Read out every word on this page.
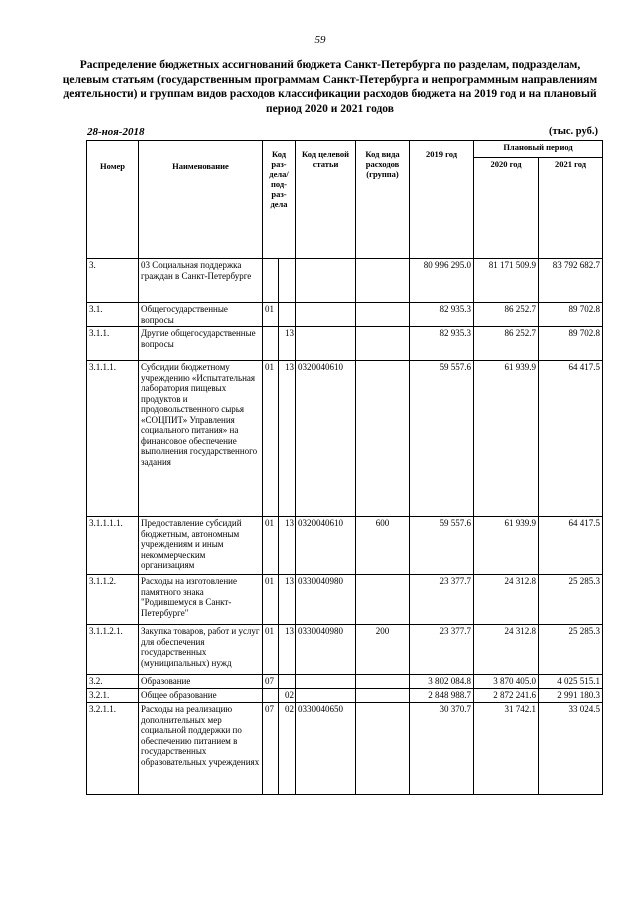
59
Распределение бюджетных ассигнований бюджета Санкт-Петербурга по разделам, подразделам, целевым статьям (государственным программам Санкт-Петербурга и непрограммным направлениям деятельности) и группам видов расходов классификации расходов бюджета на 2019 год и на плановый период 2020 и 2021 годов
28-ноя-2018	(тыс. руб.)
Номер	Наименование	Код раз- дела/ под- раз- дела		Код целевой статьи	Код вида расходов (группа)	2019 год	Плановый период	
							2020 год	2021 год
3.	03 Социальная поддержка граждан в Санкт-Петербурге					80 996 295.0	81 171 509.9	83 792 682.7
3.1.	Общегосударственные вопросы	01				82 935.3	86 252.7	89 702.8
3.1.1.	Другие общегосударственные вопросы		13			82 935.3	86 252.7	89 702.8
3.1.1.1.	Субсидии бюджетному учреждению «Испытательная лаборатория пищевых продуктов и продовольственного сырья «СОЦПИТ» Управления социального питания» на финансовое обеспечение выполнения государственного задания	01	13	0320040610		59 557.6	61 939.9	64 417.5
3.1.1.1.1.	Предоставление субсидий бюджетным, автономным учреждениям и иным некоммерческим организациям	01	13	0320040610	600	59 557.6	61 939.9	64 417.5
3.1.1.2.	Расходы на изготовление памятного знака "Родившемуся в Санкт-Петербурге"	01	13	0330040980		23 377.7	24 312.8	25 285.3
3.1.1.2.1.	Закупка товаров, работ и услуг для обеспечения государственных (муниципальных) нужд	01	13	0330040980	200	23 377.7	24 312.8	25 285.3
3.2.	Образование	07				3 802 084.8	3 870 405.0	4 025 515.1
3.2.1.	Общее образование		02			2 848 988.7	2 872 241.6	2 991 180.3
3.2.1.1.	Расходы на реализацию дополнительных мер социальной поддержки по обеспечению питанием в государственных образовательных учреждениях	07	02	0330040650		30 370.7	31 742.1	33 024.5
